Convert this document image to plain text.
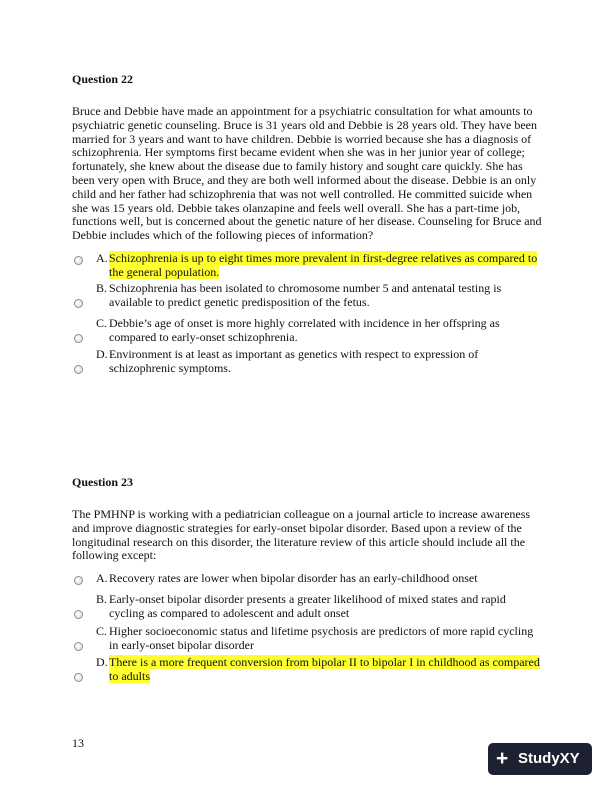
Question 22

Bruce and Debbie have made an appointment for a psychiatric consultation for what amounts to psychiatric genetic counseling. Bruce is 31 years old and Debbie is 28 years old. They have been married for 3 years and want to have children. Debbie is worried because she has a diagnosis of schizophrenia. Her symptoms first became evident when she was in her junior year of college; fortunately, she knew about the disease due to family history and sought care quickly. She has been very open with Bruce, and they are both well informed about the disease. Debbie is an only child and her father had schizophrenia that was not well controlled. He committed suicide when she was 15 years old. Debbie takes olanzapine and feels well overall. She has a part-time job, functions well, but is concerned about the genetic nature of her disease. Counseling for Bruce and Debbie includes which of the following pieces of information?

A. Schizophrenia is up to eight times more prevalent in first-degree relatives as compared to the general population.
B. Schizophrenia has been isolated to chromosome number 5 and antenatal testing is available to predict genetic predisposition of the fetus.
C. Debbie’s age of onset is more highly correlated with incidence in her offspring as compared to early-onset schizophrenia.
D. Environment is at least as important as genetics with respect to expression of schizophrenic symptoms.

Question 23

The PMHNP is working with a pediatrician colleague on a journal article to increase awareness and improve diagnostic strategies for early-onset bipolar disorder. Based upon a review of the longitudinal research on this disorder, the literature review of this article should include all the following except:

A. Recovery rates are lower when bipolar disorder has an early-childhood onset
B. Early-onset bipolar disorder presents a greater likelihood of mixed states and rapid cycling as compared to adolescent and adult onset
C. Higher socioeconomic status and lifetime psychosis are predictors of more rapid cycling in early-onset bipolar disorder
D. There is a more frequent conversion from bipolar II to bipolar I in childhood as compared to adults
13
+ StudyXY
